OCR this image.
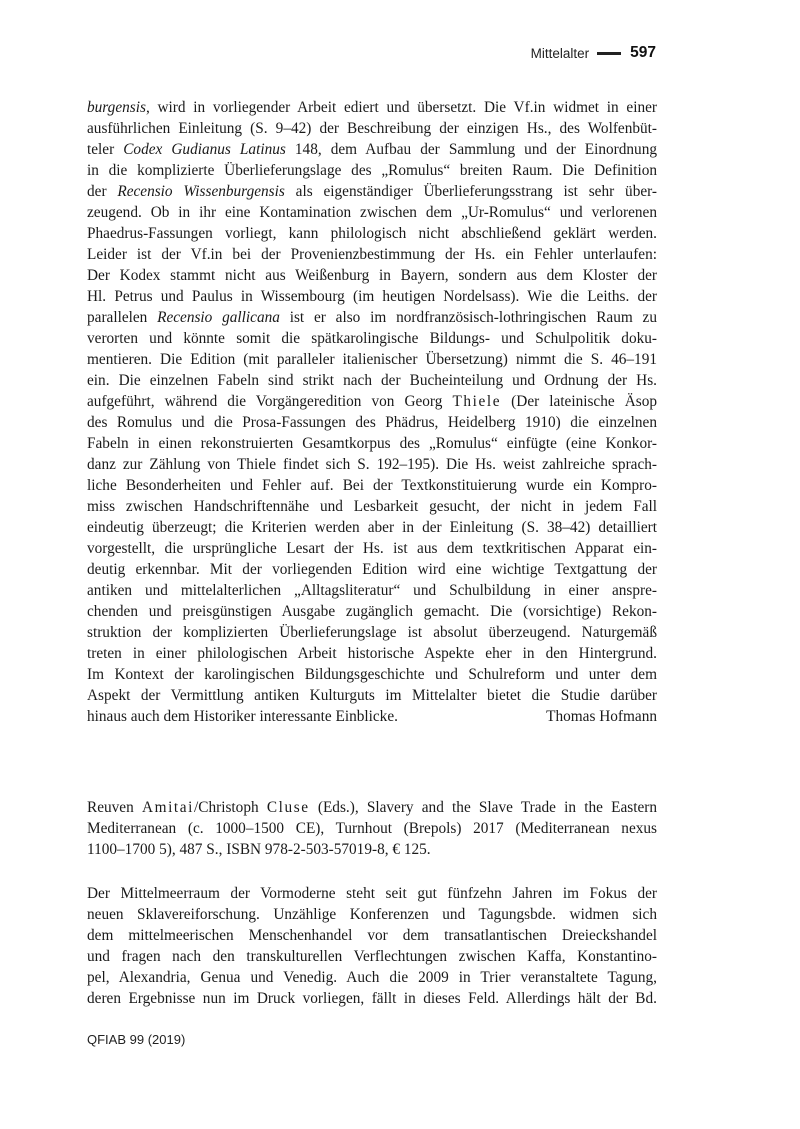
Mittelalter	597
burgensis, wird in vorliegender Arbeit ediert und übersetzt. Die Vf.in widmet in einer
ausführlichen Einleitung (S. 9–42) der Beschreibung der einzigen Hs., des Wolfenbüt-
teler Codex Gudianus Latinus 148, dem Aufbau der Sammlung und der Einordnung
in die komplizierte Überlieferungslage des „Romulus“ breiten Raum. Die Definition
der Recensio Wissenburgensis als eigenständiger Überlieferungsstrang ist sehr über-
zeugend. Ob in ihr eine Kontamination zwischen dem „Ur-Romulus“ und verlorenen
Phaedrus-Fassungen vorliegt, kann philologisch nicht abschließend geklärt werden.
Leider ist der Vf.in bei der Provenienzbestimmung der Hs. ein Fehler unterlaufen:
Der Kodex stammt nicht aus Weißenburg in Bayern, sondern aus dem Kloster der
Hl. Petrus und Paulus in Wissembourg (im heutigen Nordelsass). Wie die Leiths. der
parallelen Recensio gallicana ist er also im nordfranzösisch-lothringischen Raum zu
verorten und könnte somit die spätkarolingische Bildungs- und Schulpolitik doku-
mentieren. Die Edition (mit paralleler italienischer Übersetzung) nimmt die S. 46–191
ein. Die einzelnen Fabeln sind strikt nach der Bucheinteilung und Ordnung der Hs.
aufgeführt, während die Vorgängeredition von Georg Thiele (Der lateinische Äsop
des Romulus und die Prosa-Fassungen des Phädrus, Heidelberg 1910) die einzelnen
Fabeln in einen rekonstruierten Gesamtkorpus des „Romulus“ einfügte (eine Konkor-
danz zur Zählung von Thiele findet sich S. 192–195). Die Hs. weist zahlreiche sprach-
liche Besonderheiten und Fehler auf. Bei der Textkonstituierung wurde ein Kompro-
miss zwischen Handschriftennähe und Lesbarkeit gesucht, der nicht in jedem Fall
eindeutig überzeugt; die Kriterien werden aber in der Einleitung (S. 38–42) detailliert
vorgestellt, die ursprüngliche Lesart der Hs. ist aus dem textkritischen Apparat ein-
deutig erkennbar. Mit der vorliegenden Edition wird eine wichtige Textgattung der
antiken und mittelalterlichen „Alltagsliteratur“ und Schulbildung in einer anspre-
chenden und preisgünstigen Ausgabe zugänglich gemacht. Die (vorsichtige) Rekon-
struktion der komplizierten Überlieferungslage ist absolut überzeugend. Naturgemäß
treten in einer philologischen Arbeit historische Aspekte eher in den Hintergrund.
Im Kontext der karolingischen Bildungsgeschichte und Schulreform und unter dem
Aspekt der Vermittlung antiken Kulturguts im Mittelalter bietet die Studie darüber
hinaus auch dem Historiker interessante Einblicke.	Thomas Hofmann
Reuven Amitai/Christoph Cluse (Eds.), Slavery and the Slave Trade in the Eastern
Mediterranean (c. 1000–1500 CE), Turnhout (Brepols) 2017 (Mediterranean nexus
1100–1700 5), 487 S., ISBN 978-2-503-57019-8, € 125.
Der Mittelmeerraum der Vormoderne steht seit gut fünfzehn Jahren im Fokus der
neuen Sklavereiforschung. Unzählige Konferenzen und Tagungsbde. widmen sich
dem mittelmeerischen Menschenhandel vor dem transatlantischen Dreieckshandel
und fragen nach den transkulturellen Verflechtungen zwischen Kaffa, Konstantino-
pel, Alexandria, Genua und Venedig. Auch die 2009 in Trier veranstaltete Tagung,
deren Ergebnisse nun im Druck vorliegen, fällt in dieses Feld. Allerdings hält der Bd.
QFIAB 99 (2019)
